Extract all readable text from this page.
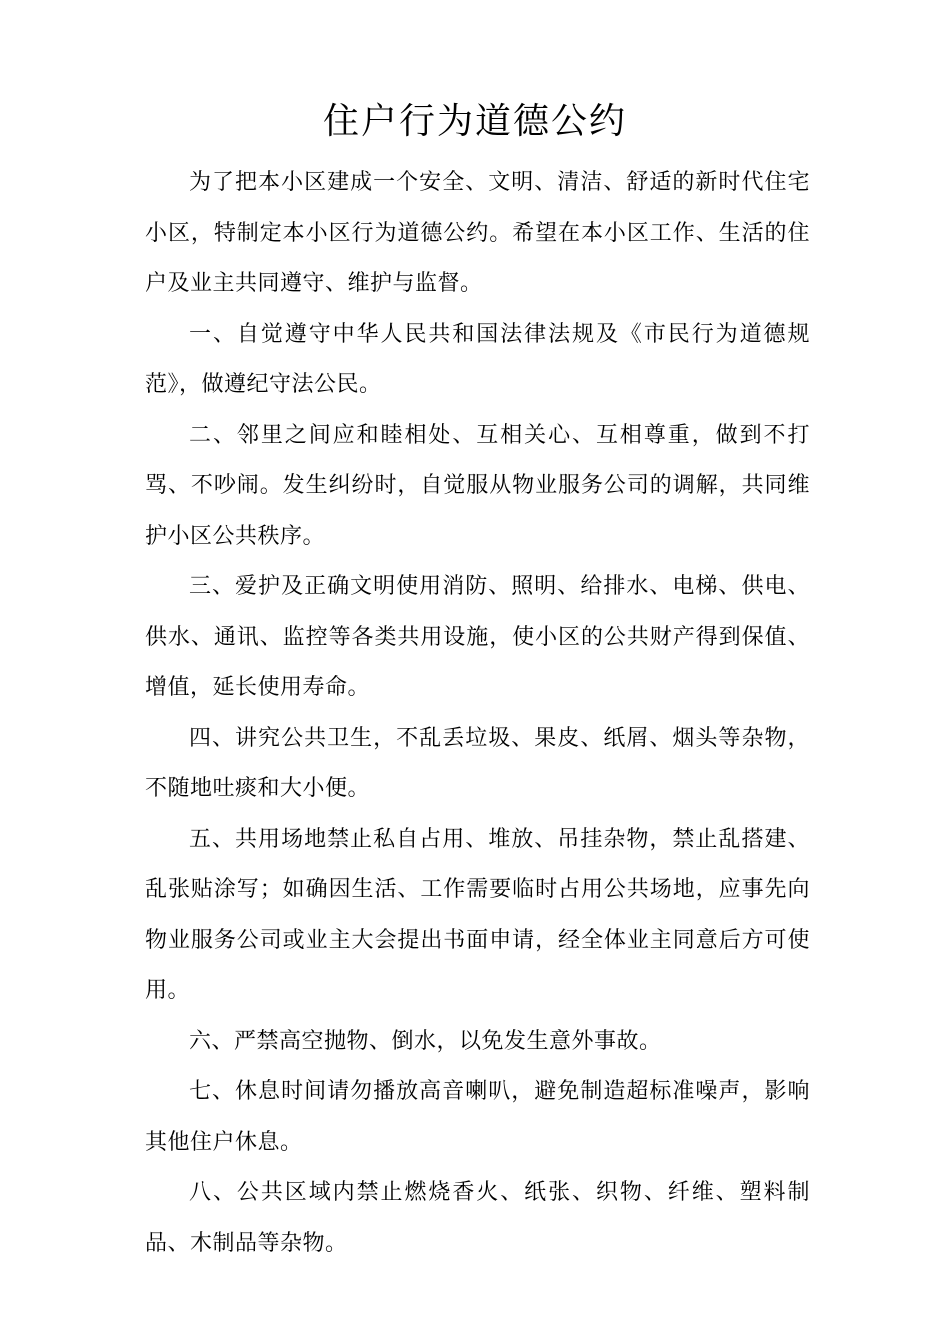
住户行为道德公约

为了把本小区建成一个安全、文明、清洁、舒适的新时代住宅小区，特制定本小区行为道德公约。希望在本小区工作、生活的住户及业主共同遵守、维护与监督。

一、自觉遵守中华人民共和国法律法规及《市民行为道德规范》，做遵纪守法公民。

二、邻里之间应和睦相处、互相关心、互相尊重，做到不打骂、不吵闹。发生纠纷时，自觉服从物业服务公司的调解，共同维护小区公共秩序。

三、爱护及正确文明使用消防、照明、给排水、电梯、供电、供水、通讯、监控等各类共用设施，使小区的公共财产得到保值、增值，延长使用寿命。

四、讲究公共卫生，不乱丢垃圾、果皮、纸屑、烟头等杂物，不随地吐痰和大小便。

五、共用场地禁止私自占用、堆放、吊挂杂物，禁止乱搭建、乱张贴涂写；如确因生活、工作需要临时占用公共场地，应事先向物业服务公司或业主大会提出书面申请，经全体业主同意后方可使用。

六、严禁高空抛物、倒水，以免发生意外事故。

七、休息时间请勿播放高音喇叭，避免制造超标准噪声，影响其他住户休息。

八、公共区域内禁止燃烧香火、纸张、织物、纤维、塑料制品、木制品等杂物。
